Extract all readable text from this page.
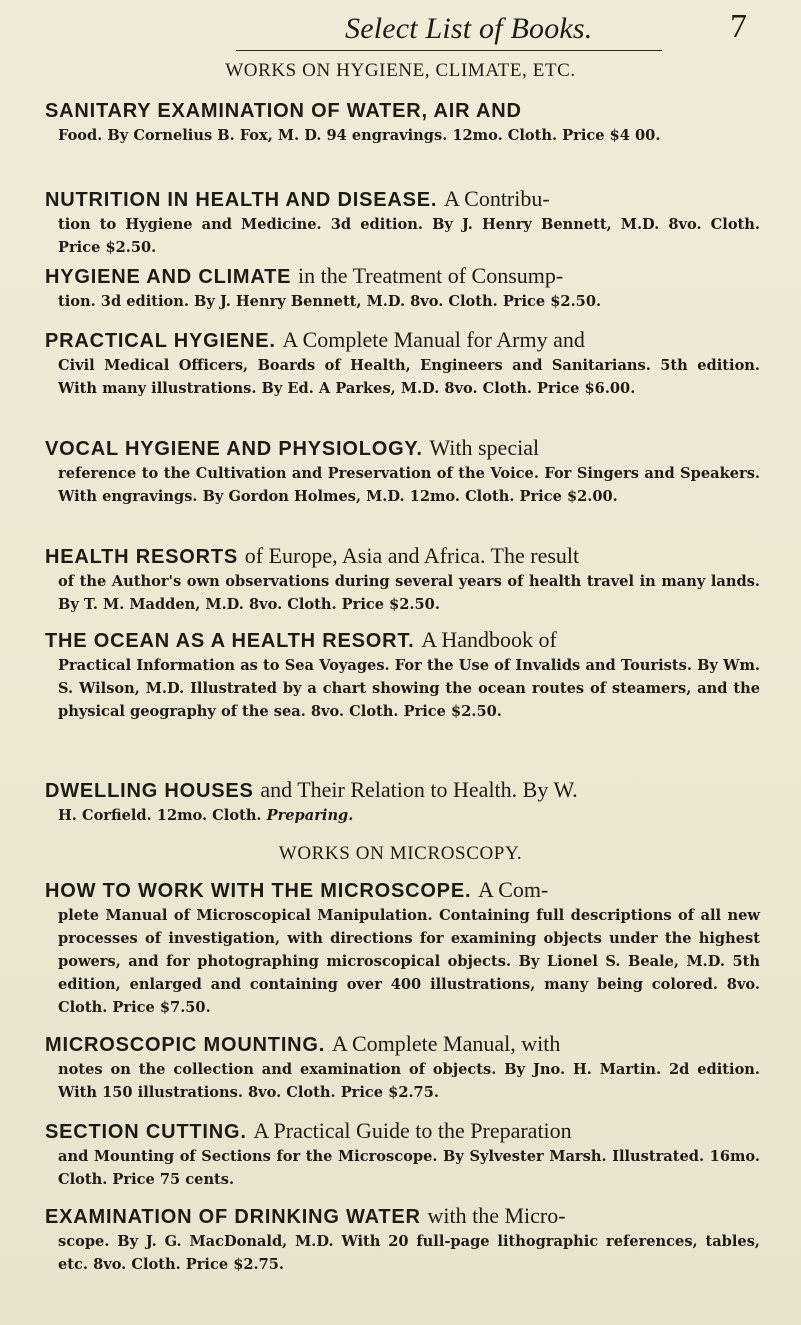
Select List of Books.	7
WORKS ON HYGIENE, CLIMATE, ETC.
SANITARY EXAMINATION OF WATER, AIR AND
Food. By Cornelius B. Fox, M. D. 94 engravings. 12mo. Cloth. Price $4 00.
NUTRITION IN HEALTH AND DISEASE. A Contribu-
tion to Hygiene and Medicine. 3d edition. By J. Henry Bennett, M.D. 8vo. Cloth. Price $2.50.
HYGIENE AND CLIMATE in the Treatment of Consump-
tion. 3d edition. By J. Henry Bennett, M.D. 8vo. Cloth. Price $2.50.
PRACTICAL HYGIENE. A Complete Manual for Army and
Civil Medical Officers, Boards of Health, Engineers and Sanitarians. 5th edition. With many illustrations. By Ed. A Parkes, M.D. 8vo. Cloth. Price $6.00.
VOCAL HYGIENE AND PHYSIOLOGY. With special
reference to the Cultivation and Preservation of the Voice. For Singers and Speakers. With engravings. By Gordon Holmes, M.D. 12mo. Cloth. Price $2.00.
HEALTH RESORTS of Europe, Asia and Africa. The result
of the Author's own observations during several years of health travel in many lands. By T. M. Madden, M.D. 8vo. Cloth. Price $2.50.
THE OCEAN AS A HEALTH RESORT. A Handbook of
Practical Information as to Sea Voyages. For the Use of Invalids and Tourists. By Wm. S. Wilson, M.D. Illustrated by a chart showing the ocean routes of steamers, and the physical geography of the sea. 8vo. Cloth. Price $2.50.
DWELLING HOUSES and Their Relation to Health. By W.
H. Corfield. 12mo. Cloth. Preparing.
WORKS ON MICROSCOPY.
HOW TO WORK WITH THE MICROSCOPE. A Com-
plete Manual of Microscopical Manipulation. Containing full descriptions of all new processes of investigation, with directions for examining objects under the highest powers, and for photographing microscopical objects. By Lionel S. Beale, M.D. 5th edition, enlarged and containing over 400 illustrations, many being colored. 8vo. Cloth. Price $7.50.
MICROSCOPIC MOUNTING. A Complete Manual, with
notes on the collection and examination of objects. By Jno. H. Martin. 2d edition. With 150 illustrations. 8vo. Cloth. Price $2.75.
SECTION CUTTING. A Practical Guide to the Preparation
and Mounting of Sections for the Microscope. By Sylvester Marsh. Illustrated. 16mo. Cloth. Price 75 cents.
EXAMINATION OF DRINKING WATER with the Micro-
scope. By J. G. MacDonald, M.D. With 20 full-page lithographic references, tables, etc. 8vo. Cloth. Price $2.75.
